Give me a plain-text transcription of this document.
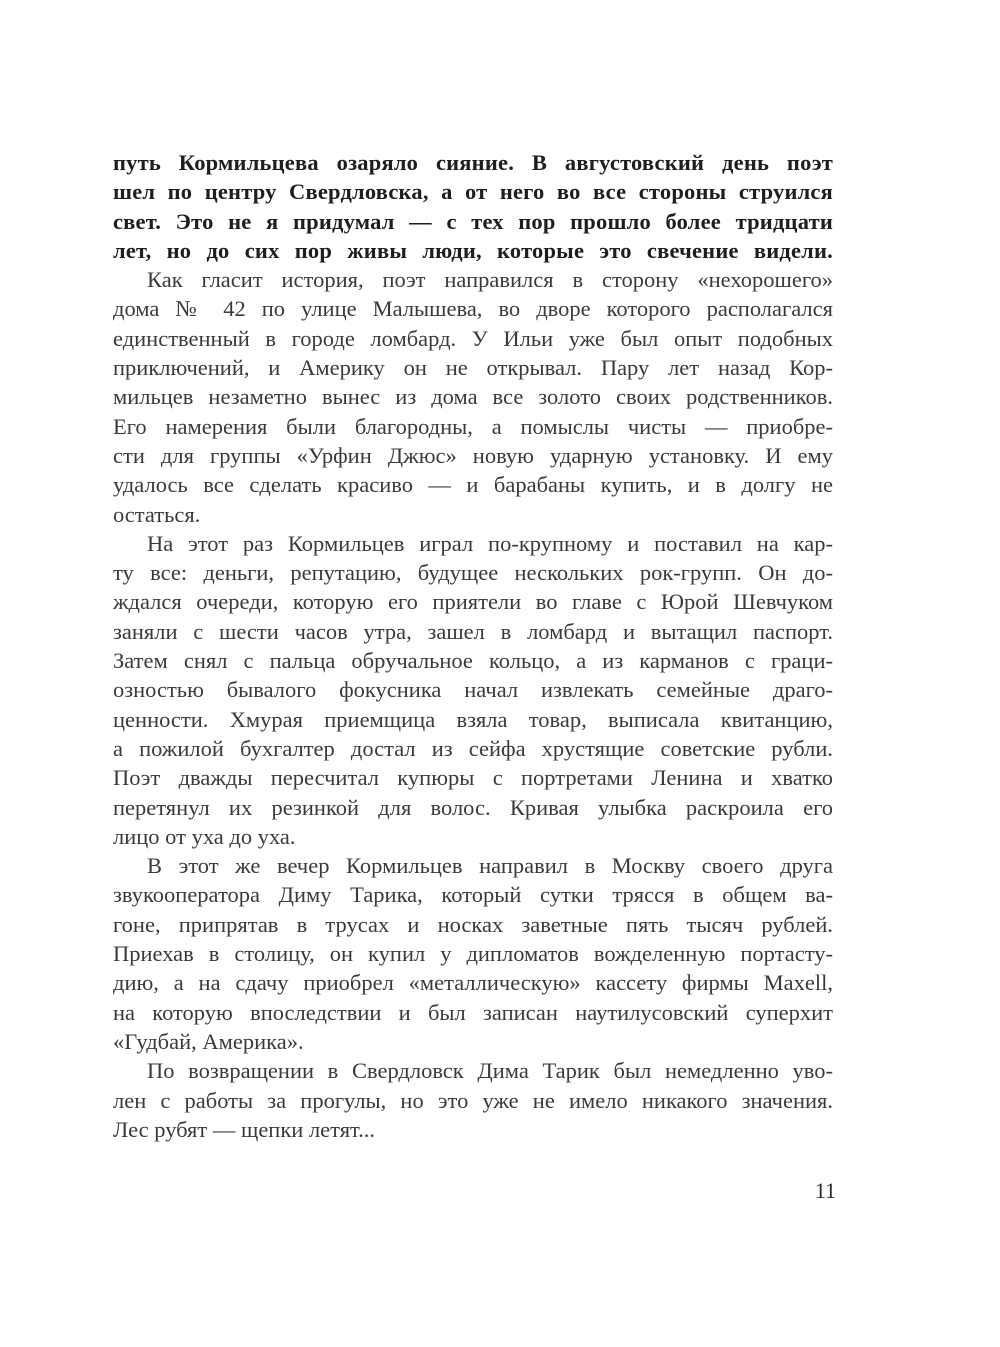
путь Кормильцева озаряло сияние. В августовский день поэт
шел по центру Свердловска, а от него во все стороны струился
свет. Это не я придумал — с тех пор прошло более тридцати
лет, но до сих пор живы люди, которые это свечение видели.

Как гласит история, поэт направился в сторону «нехорошего»
дома № 42 по улице Малышева, во дворе которого располагался
единственный в городе ломбард. У Ильи уже был опыт подобных
приключений, и Америку он не открывал. Пару лет назад Кор-
мильцев незаметно вынес из дома все золото своих родственников.
Его намерения были благородны, а помыслы чисты — приобре-
сти для группы «Урфин Джюс» новую ударную установку. И ему
удалось все сделать красиво — и барабаны купить, и в долгу не
остаться.

На этот раз Кормильцев играл по-крупному и поставил на кар-
ту все: деньги, репутацию, будущее нескольких рок-групп. Он до-
ждался очереди, которую его приятели во главе с Юрой Шевчуком
заняли с шести часов утра, зашел в ломбард и вытащил паспорт.
Затем снял с пальца обручальное кольцо, а из карманов с граци-
озностью бывалого фокусника начал извлекать семейные драго-
ценности. Хмурая приемщица взяла товар, выписала квитанцию,
а пожилой бухгалтер достал из сейфа хрустящие советские рубли.
Поэт дважды пересчитал купюры с портретами Ленина и хватко
перетянул их резинкой для волос. Кривая улыбка раскроила его
лицо от уха до уха.

В этот же вечер Кормильцев направил в Москву своего друга
звукооператора Диму Тарика, который сутки трясся в общем ва-
гоне, припрятав в трусах и носках заветные пять тысяч рублей.
Приехав в столицу, он купил у дипломатов вожделенную портасту-
дию, а на сдачу приобрел «металлическую» кассету фирмы Maxell,
на которую впоследствии и был записан наутилусовский суперхит
«Гудбай, Америка».

По возвращении в Свердловск Дима Тарик был немедленно уво-
лен с работы за прогулы, но это уже не имело никакого значения.
Лес рубят — щепки летят...

11
